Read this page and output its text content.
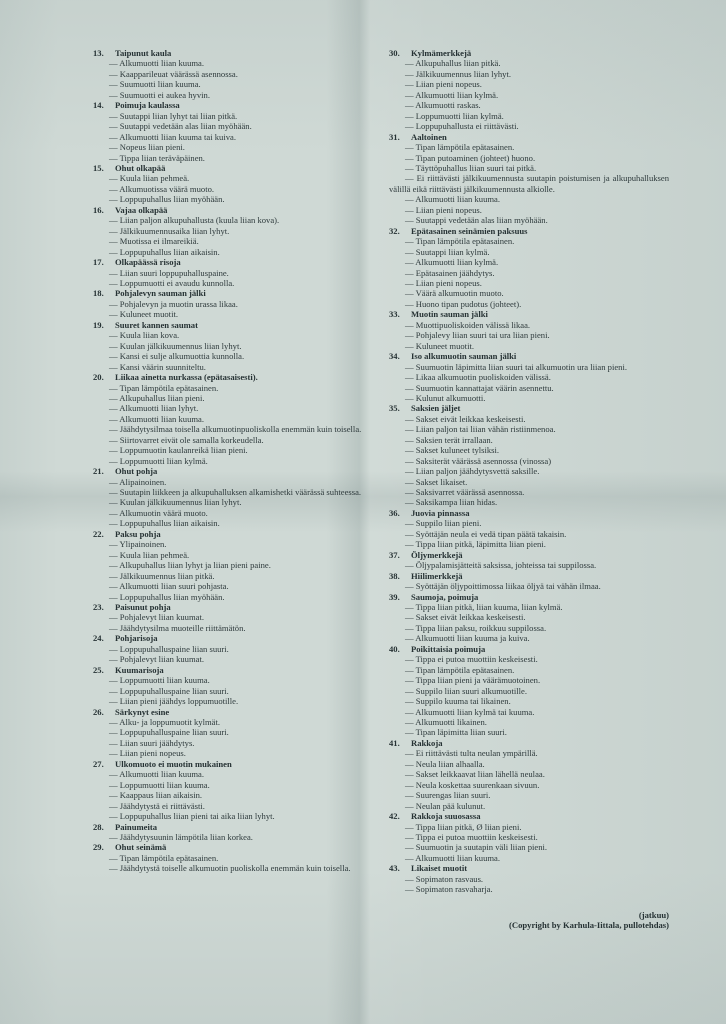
13. Taipunut kaula
— Alkumuotti liian kuuma.
— Kaapparileuat väärässä asennossa.
— Suumuotti liian kuuma.
— Suumuotti ei aukea hyvin.
14. Poimuja kaulassa
— Suutappi liian lyhyt tai liian pitkä.
— Suutappi vedetään alas liian myöhään.
— Alkumuotti liian kuuma tai kuiva.
— Nopeus liian pieni.
— Tippa liian teräväpäinen.
15. Ohut olkapää
— Kuula liian pehmeä.
— Alkumuotissa väärä muoto.
— Loppupuhallus liian myöhään.
16. Vajaa olkapää
— Liian paljon alkupuhallusta (kuula liian kova).
— Jälkikuumennusaika liian lyhyt.
— Muotissa ei ilmareikiä.
— Loppupuhallus liian aikaisin.
17. Olkapäässä risoja
— Liian suuri loppupuhalluspaine.
— Loppumuotti ei avaudu kunnolla.
18. Pohjalevyn sauman jälki
— Pohjalevyn ja muotin urassa likaa.
— Kuluneet muotit.
19. Suuret kannen saumat
— Kuula liian kova.
— Kuulan jälkikuumennus liian lyhyt.
— Kansi ei sulje alkumuottia kunnolla.
— Kansi väärin suunniteltu.
20. Liikaa ainetta nurkassa (epätasaisesti).
— Tipan lämpötila epätasainen.
— Alkupuhallus liian pieni.
— Alkumuotti liian lyhyt.
— Alkumuotti liian kuuma.
— Jäähdytysilmaa toisella alkumuotinpuoliskolla enemmän kuin toisella.
— Siirtovarret eivät ole samalla korkeudella.
— Loppumuotin kaulanreikä liian pieni.
— Loppumuotti liian kylmä.
21. Ohut pohja
— Alipainoinen.
— Suutapin liikkeen ja alkupuhalluksen alkamishetki väärässä suhteessa.
— Kuulan jälkikuumennus liian lyhyt.
— Alkumuotin väärä muoto.
— Loppupuhallus liian aikaisin.
22. Paksu pohja
— Ylipainoinen.
— Kuula liian pehmeä.
— Alkupuhallus liian lyhyt ja liian pieni paine.
— Jälkikuumennus liian pitkä.
— Alkumuotti liian suuri pohjasta.
— Loppupuhallus liian myöhään.
23. Paisunut pohja
— Pohjalevyt liian kuumat.
— Jäähdytysilma muoteille riittämätön.
24. Pohjarisoja
— Loppupuhalluspaine liian suuri.
— Pohjalevyt liian kuumat.
25. Kuumarisoja
— Loppumuotti liian kuuma.
— Loppupuhalluspaine liian suuri.
— Liian pieni jäähdys loppumuotille.
26. Särkynyt esine
— Alku- ja loppumuotit kylmät.
— Loppupuhalluspaine liian suuri.
— Liian suuri jäähdytys.
— Liian pieni nopeus.
27. Ulkomuoto ei muotin mukainen
— Alkumuotti liian kuuma.
— Loppumuotti liian kuuma.
— Kaappaus liian aikaisin.
— Jäähdytystä ei riittävästi.
— Loppupuhallus liian pieni tai aika liian lyhyt.
28. Painumeita
— Jäähdytysuunin lämpötila liian korkea.
29. Ohut seinämä
— Tipan lämpötila epätasainen.
— Jäähdytystä toiselle alkumuotin puoliskolla enemmän kuin toisella.
30. Kylmämerkkejä
— Alkupuhallus liian pitkä.
— Jälkikuumennus liian lyhyt.
— Liian pieni nopeus.
— Alkumuotti liian kylmä.
— Alkumuotti raskas.
— Loppumuotti liian kylmä.
— Loppupuhallusta ei riittävästi.
31. Aaltoinen
— Tipan lämpötila epätasainen.
— Tipan putoaminen (johteet) huono.
— Täyttöpuhallus liian suuri tai pitkä.
— Ei riittävästi jälkikuumennusta suutapin poistumisen ja alkupuhalluksen välillä eikä riittävästi jälkikuumennusta alkiolle.
— Alkumuotti liian kuuma.
— Liian pieni nopeus.
— Suutappi vedetään alas liian myöhään.
32. Epätasainen seinämien paksuus
— Tipan lämpötila epätasainen.
— Suutappi liian kylmä.
— Alkumuotti liian kylmä.
— Epätasainen jäähdytys.
— Liian pieni nopeus.
— Väärä alkumuotin muoto.
— Huono tipan pudotus (johteet).
33. Muotin sauman jälki
— Muottipuoliskoiden välissä likaa.
— Pohjalevy liian suuri tai ura liian pieni.
— Kuluneet muotit.
34. Iso alkumuotin sauman jälki
— Suumuotin läpimitta liian suuri tai alkumuotin ura liian pieni.
— Likaa alkumuotin puoliskoiden välissä.
— Suumuotin kannattajat väärin asennettu.
— Kulunut alkumuotti.
35. Saksien jäljet
— Sakset eivät leikkaa keskeisesti.
— Liian paljon tai liian vähän ristiinmenoa.
— Saksien terät irrallaan.
— Sakset kuluneet tylsiksi.
— Saksiterät väärässä asennossa (vinossa)
— Liian paljon jäähdytysvettä saksille.
— Sakset likaiset.
— Saksivarret väärässä asennossa.
— Saksikampa liian hidas.
36. Juovia pinnassa
— Suppilo liian pieni.
— Syöttäjän neula ei vedä tipan päätä takaisin.
— Tippa liian pitkä, läpimitta liian pieni.
37. Öljymerkkejä
— Öljypalamisjätteitä saksissa, johteissa tai suppilossa.
38. Hiilimerkkejä
— Syöttäjän öljypoittimossa liikaa öljyä tai vähän ilmaa.
39. Saumoja, poimuja
— Tippa liian pitkä, liian kuuma, liian kylmä.
— Sakset eivät leikkaa keskeisesti.
— Tippa liian paksu, roikkuu suppilossa.
— Alkumuotti liian kuuma ja kuiva.
40. Poikittaisia poimuja
— Tippa ei putoa muottiin keskeisesti.
— Tipan lämpötila epätasainen.
— Tippa liian pieni ja väärämuotoinen.
— Suppilo liian suuri alkumuotille.
— Suppilo kuuma tai likainen.
— Alkumuotti liian kylmä tai kuuma.
— Alkumuotti likainen.
— Tipan läpimitta liian suuri.
41. Rakkoja
— Ei riittävästi tulta neulan ympärillä.
— Neula liian alhaalla.
— Sakset leikkaavat liian lähellä neulaa.
— Neula koskettaa suurenkaan sivuun.
— Suurengas liian suuri.
— Neulan pää kulunut.
42. Rakkoja suuosassa
— Tippa liian pitkä, Ø liian pieni.
— Tippa ei putoa muottiin keskeisesti.
— Suumuotin ja suutapin väli liian pieni.
— Alkumuotti liian kuuma.
43. Likaiset muotit
— Sopimaton rasvaus.
— Sopimaton rasvaharja.
(jatkuu)
(Copyright by Karhula-Iittala, pullotehdas)
